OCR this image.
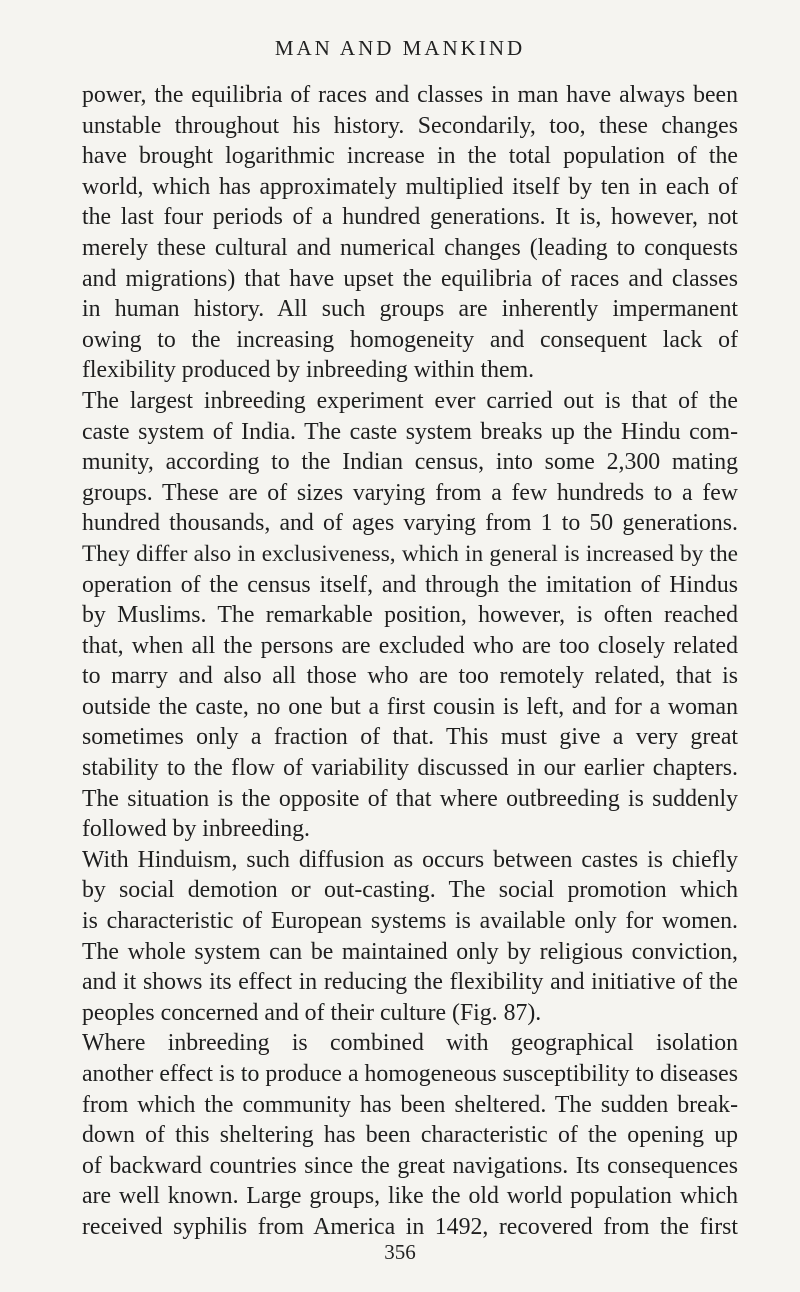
MAN AND MANKIND
power, the equilibria of races and classes in man have always been
unstable throughout his history. Secondarily, too, these changes
have brought logarithmic increase in the total population of the
world, which has approximately multiplied itself by ten in each of
the last four periods of a hundred generations. It is, however, not
merely these cultural and numerical changes (leading to conquests
and migrations) that have upset the equilibria of races and classes
in human history. All such groups are inherently impermanent
owing to the increasing homogeneity and consequent lack of
flexibility produced by inbreeding within them.
The largest inbreeding experiment ever carried out is that of the
caste system of India. The caste system breaks up the Hindu com-
munity, according to the Indian census, into some 2,300 mating
groups. These are of sizes varying from a few hundreds to a few
hundred thousands, and of ages varying from 1 to 50 generations.
They differ also in exclusiveness, which in general is increased by the
operation of the census itself, and through the imitation of Hindus
by Muslims. The remarkable position, however, is often reached
that, when all the persons are excluded who are too closely related
to marry and also all those who are too remotely related, that is
outside the caste, no one but a first cousin is left, and for a woman
sometimes only a fraction of that. This must give a very great
stability to the flow of variability discussed in our earlier chapters.
The situation is the opposite of that where outbreeding is suddenly
followed by inbreeding.
With Hinduism, such diffusion as occurs between castes is chiefly
by social demotion or out-casting. The social promotion which
is characteristic of European systems is available only for women.
The whole system can be maintained only by religious conviction,
and it shows its effect in reducing the flexibility and initiative of the
peoples concerned and of their culture (Fig. 87).
Where inbreeding is combined with geographical isolation
another effect is to produce a homogeneous susceptibility to diseases
from which the community has been sheltered. The sudden break-
down of this sheltering has been characteristic of the opening up
of backward countries since the great navigations. Its consequences
are well known. Large groups, like the old world population which
received syphilis from America in 1492, recovered from the first
356
